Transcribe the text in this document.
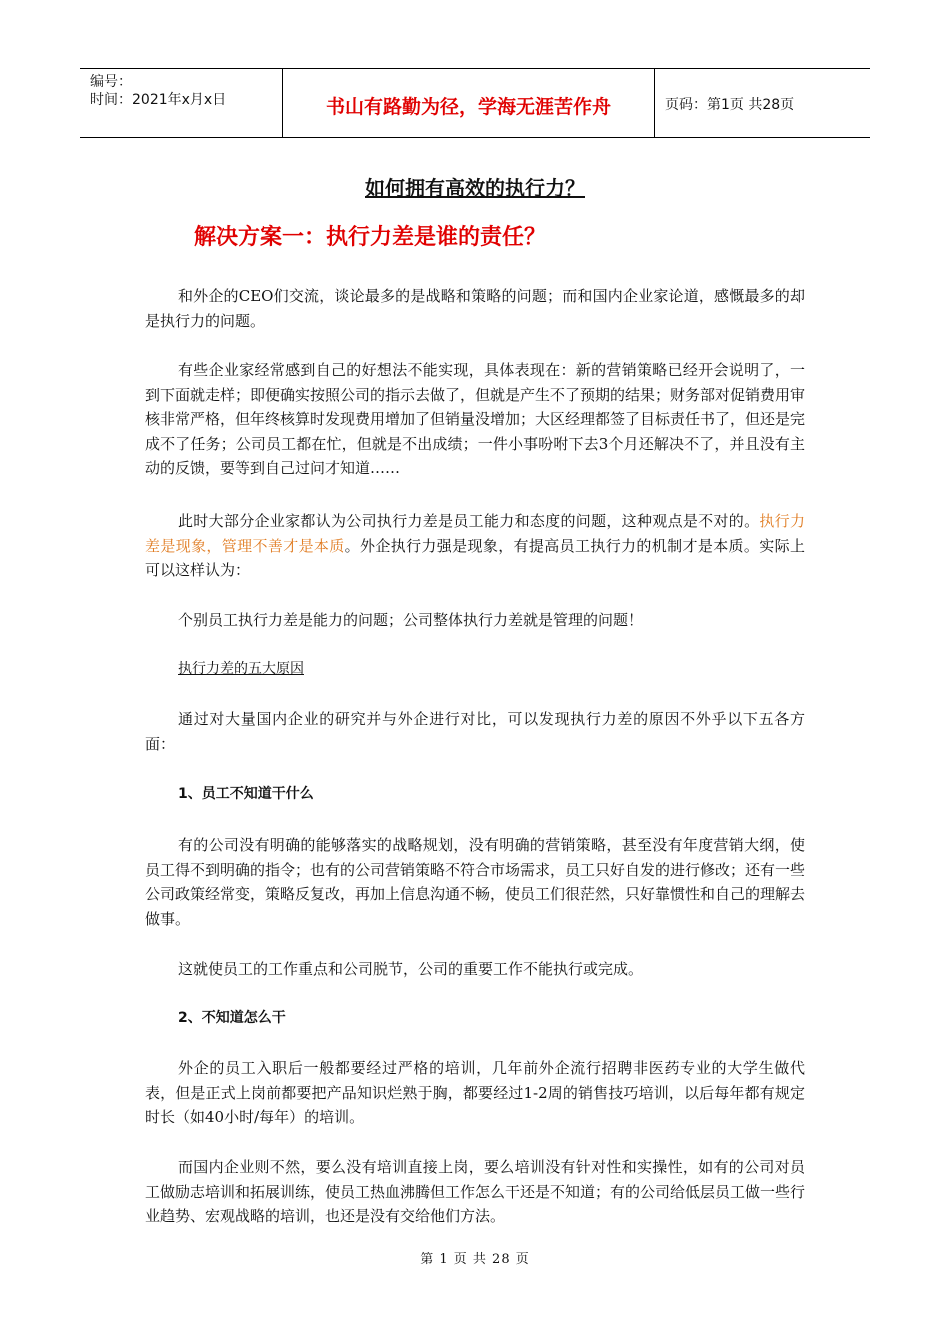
编号：
时间：2021年x月x日	书山有路勤为径，学海无涯苦作舟	页码：第1页 共28页
如何拥有高效的执行力？
解决方案一：执行力差是谁的责任？
和外企的CEO们交流，谈论最多的是战略和策略的问题；而和国内企业家论道，感慨最多的却是执行力的问题。
有些企业家经常感到自己的好想法不能实现，具体表现在：新的营销策略已经开会说明了，一到下面就走样；即便确实按照公司的指示去做了，但就是产生不了预期的结果；财务部对促销费用审核非常严格，但年终核算时发现费用增加了但销量没增加；大区经理都签了目标责任书了，但还是完成不了任务；公司员工都在忙，但就是不出成绩；一件小事吩咐下去3个月还解决不了，并且没有主动的反馈，要等到自己过问才知道……
此时大部分企业家都认为公司执行力差是员工能力和态度的问题，这种观点是不对的。执行力差是现象，管理不善才是本质。外企执行力强是现象，有提高员工执行力的机制才是本质。实际上可以这样认为：
个别员工执行力差是能力的问题；公司整体执行力差就是管理的问题！
执行力差的五大原因
通过对大量国内企业的研究并与外企进行对比，可以发现执行力差的原因不外乎以下五各方面：
1、员工不知道干什么
有的公司没有明确的能够落实的战略规划，没有明确的营销策略，甚至没有年度营销大纲，使员工得不到明确的指令；也有的公司营销策略不符合市场需求，员工只好自发的进行修改；还有一些公司政策经常变，策略反复改，再加上信息沟通不畅，使员工们很茫然，只好靠惯性和自己的理解去做事。
这就使员工的工作重点和公司脱节，公司的重要工作不能执行或完成。
2、不知道怎么干
外企的员工入职后一般都要经过严格的培训，几年前外企流行招聘非医药专业的大学生做代表，但是正式上岗前都要把产品知识烂熟于胸，都要经过1-2周的销售技巧培训，以后每年都有规定时长（如40小时/每年）的培训。
而国内企业则不然，要么没有培训直接上岗，要么培训没有针对性和实操性，如有的公司对员工做励志培训和拓展训练，使员工热血沸腾但工作怎么干还是不知道；有的公司给低层员工做一些行业趋势、宏观战略的培训，也还是没有交给他们方法。
第 1 页 共 28 页
